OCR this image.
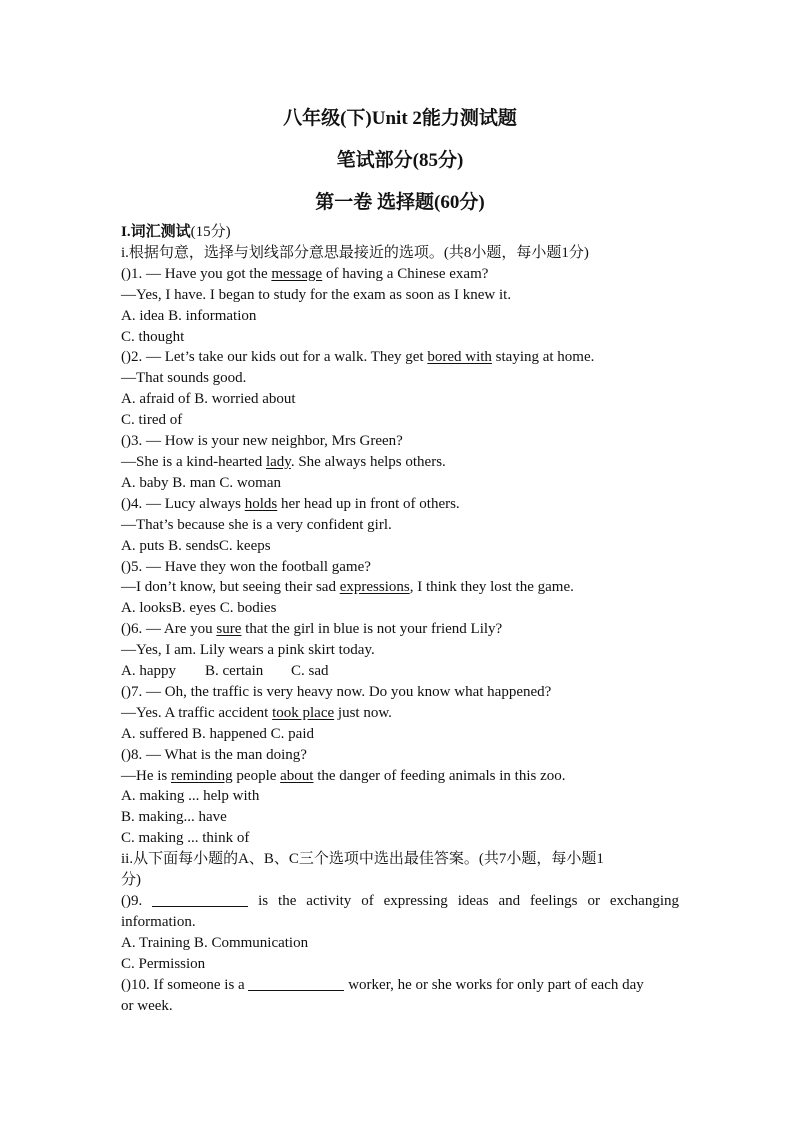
八年级(下)Unit 2能力测试题
笔试部分(85分)
第一卷 选择题(60分)
I.词汇测试(15分)
i.根据句意，选择与划线部分意思最接近的选项。(共8小题，每小题1分)
()1. — Have you got the message of having a Chinese exam?
—Yes, I have. I began to study for the exam as soon as I knew it.
A. idea B. information
C. thought
()2. — Let’s take our kids out for a walk. They get bored with staying at home.
—That sounds good.
A. afraid of B. worried about
C. tired of
()3. — How is your new neighbor, Mrs Green?
—She is a kind-hearted lady. She always helps others.
A. baby B. man C. woman
()4. — Lucy always holds her head up in front of others.
—That’s because she is a very confident girl.
A. puts B. sendsC. keeps
()5. — Have they won the football game?
—I don’t know, but seeing their sad expressions, I think they lost the game.
A. looksB. eyes C. bodies
()6. — Are you sure that the girl in blue is not your friend Lily?
—Yes, I am. Lily wears a pink skirt today.
A. happy B. certain C. sad
()7. — Oh, the traffic is very heavy now. Do you know what happened?
—Yes. A traffic accident took place just now.
A. suffered B. happened C. paid
()8. — What is the man doing?
—He is reminding people about the danger of feeding animals in this zoo.
A. making ... help with
B. making... have
C. making ... think of
ii.从下面每小题的A、B、C三个选项中选出最佳答案。(共7小题，每小题1
分)
()9.	is the activity of expressing ideas and feelings or exchanging
information.
A. Training B. Communication
C. Permission
()10. If someone is a	worker, he or she works for only part of each day
or week.
